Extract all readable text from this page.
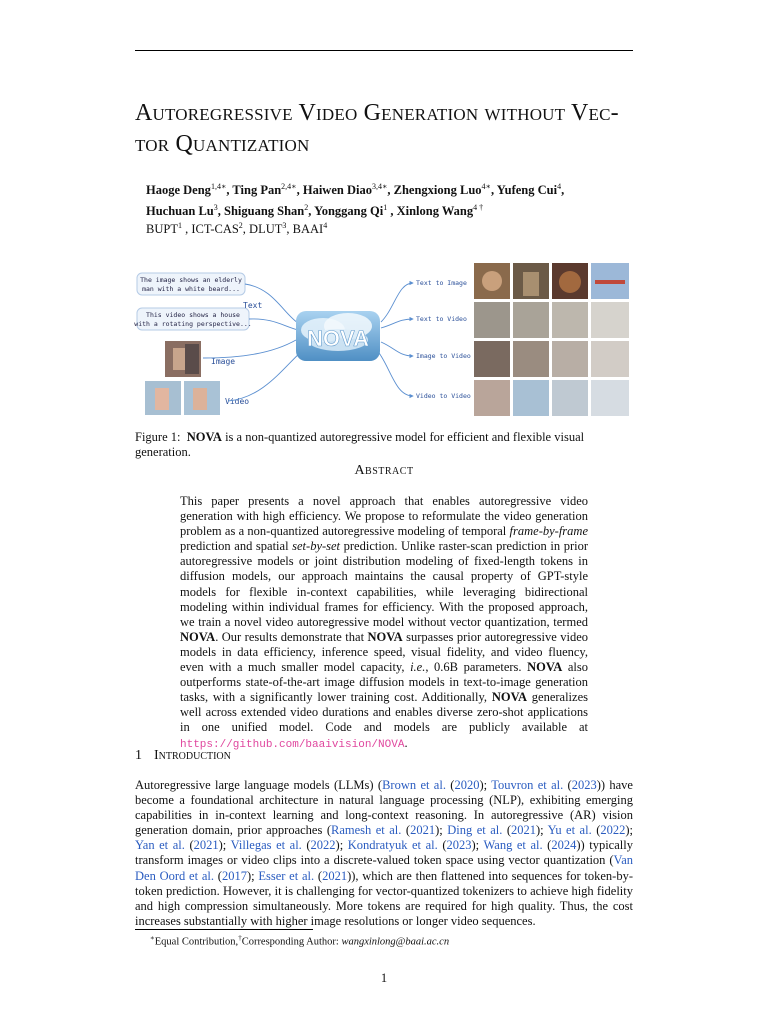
Autoregressive Video Generation without Vec-
tor Quantization
Haoge Deng$^{1,4∗}$, Ting Pan$^{2,4∗}$, Haiwen Diao$^{3,4∗}$, Zhengxiong Luo$^{4∗}$, Yufeng Cui$^4$,
Huchuan Lu$^3$, Shiguang Shan$^2$, Yonggang Qi$^1$ , Xinlong Wang$^{4 \dagger}$
BUPT$^1$ , ICT-CAS$^2$, DLUT$^3$, BAAI$^4$
The image shows an elderly
man with a white beard...
This video shows a house
with a rotating perspective...
Text
Image
Video
NOVA
Text to Image
Text to Video
Image to Video
Video to Video
Figure 1: NOVA is a non-quantized autoregressive model for efficient and flexible visual generation.
Abstract
This paper presents a novel approach that enables autoregressive video generation with high efficiency. We propose to reformulate the video generation problem as a non-quantized autoregressive modeling of temporal frame-by-frame prediction and spatial set-by-set prediction. Unlike raster-scan prediction in prior autoregressive models or joint distribution modeling of fixed-length tokens in diffusion models, our approach maintains the causal property of GPT-style models for flexible in-context capabilities, while leveraging bidirectional modeling within individual frames for efficiency. With the proposed approach, we train a novel video autoregressive model without vector quantization, termed NOVA. Our results demonstrate that NOVA surpasses prior autoregressive video models in data efficiency, inference speed, visual fidelity, and video fluency, even with a much smaller model capacity, i.e., 0.6B parameters. NOVA also outperforms state-of-the-art image diffusion models in text-to-image generation tasks, with a significantly lower training cost. Additionally, NOVA generalizes well across extended video durations and enables diverse zero-shot applications in one unified model. Code and models are publicly available at https://github.com/baaivision/NOVA.
1 Introduction
Autoregressive large language models (LLMs) (Brown et al. (2020); Touvron et al. (2023)) have become a foundational architecture in natural language processing (NLP), exhibiting emerging capabilities in in-context learning and long-context reasoning. In autoregressive (AR) vision generation domain, prior approaches (Ramesh et al. (2021); Ding et al. (2021); Yu et al. (2022); Yan et al. (2021); Villegas et al. (2022); Kondratyuk et al. (2023); Wang et al. (2024)) typically transform images or video clips into a discrete-valued token space using vector quantization (Van Den Oord et al. (2017); Esser et al. (2021)), which are then flattened into sequences for token-by-token prediction. However, it is challenging for vector-quantized tokenizers to achieve high fidelity and high compression simultaneously. More tokens are required for high quality. Thus, the cost increases substantially with higher image resolutions or longer video sequences.
∗Equal Contribution,†Corresponding Author: wangxinlong@baai.ac.cn
1
